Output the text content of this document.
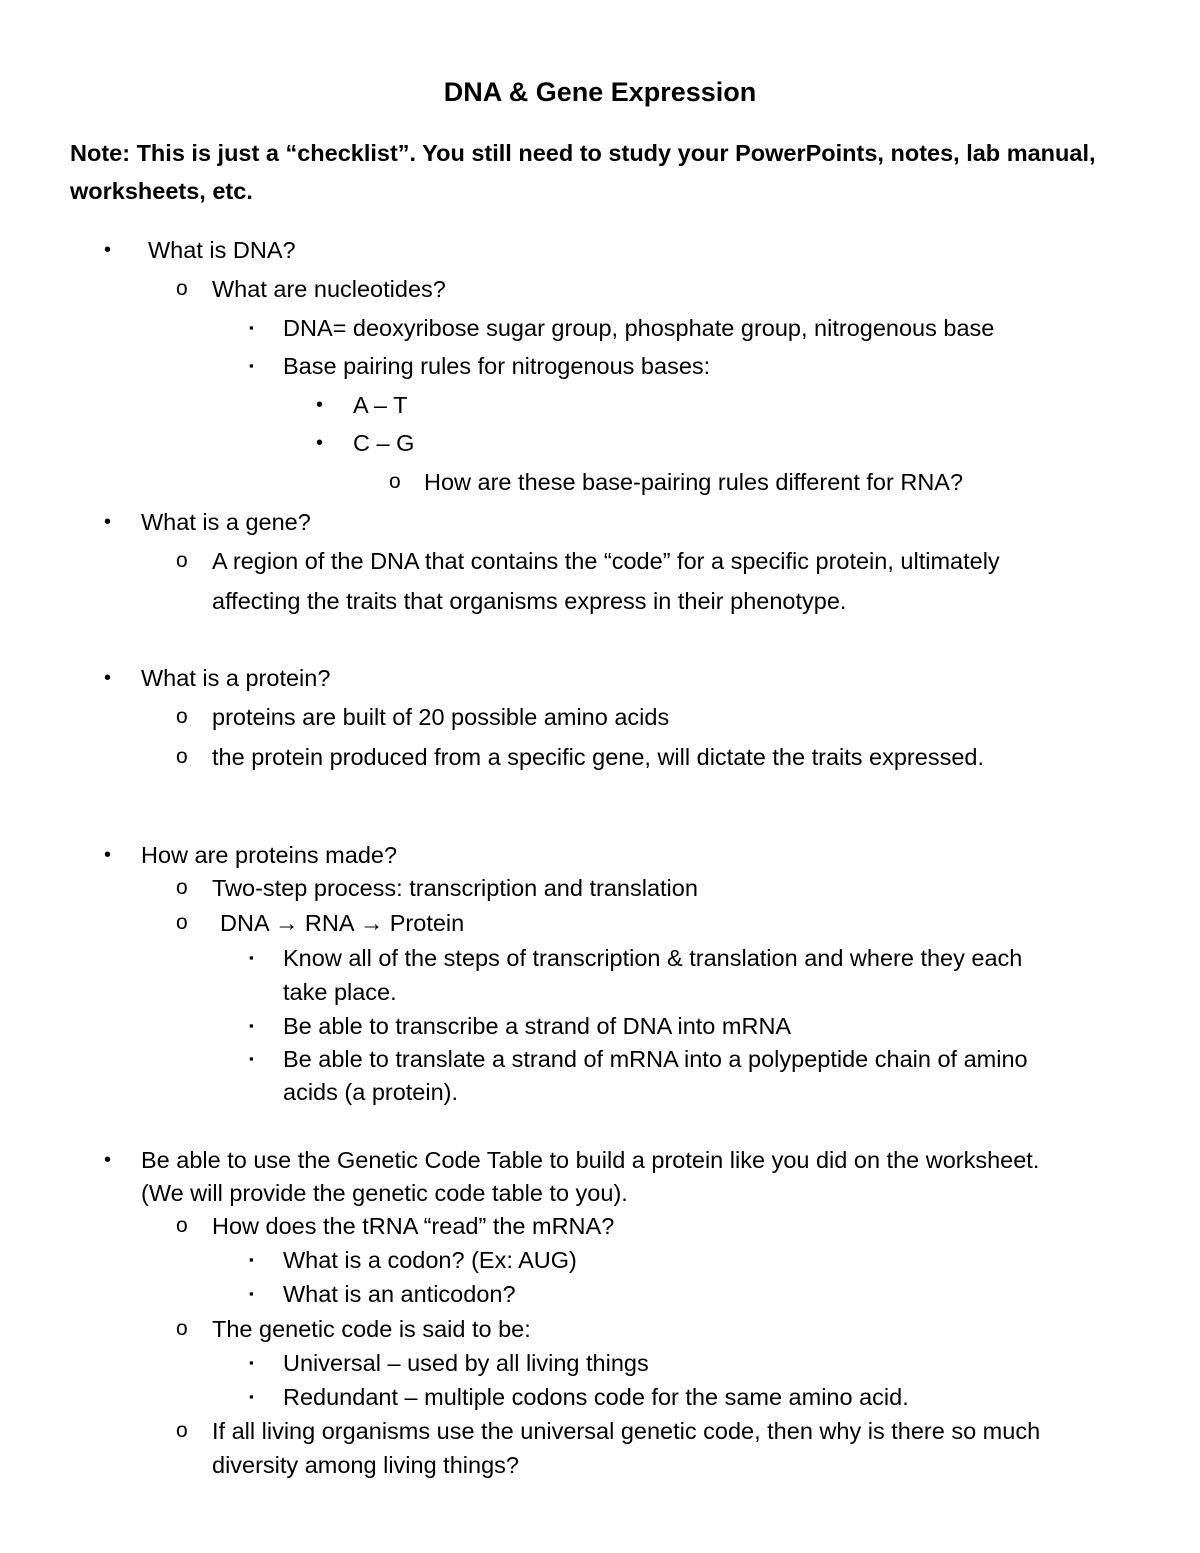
DNA & Gene Expression

Note: This is just a “checklist”. You still need to study your PowerPoints, notes, lab manual,

worksheets, etc.

• What is DNA?

o What are nucleotides?

▪ DNA= deoxyribose sugar group, phosphate group, nitrogenous base

▪ Base pairing rules for nitrogenous bases:

• A – T

• C – G

o How are these base-pairing rules different for RNA?

• What is a gene?

o A region of the DNA that contains the “code” for a specific protein, ultimately

affecting the traits that organisms express in their phenotype.

• What is a protein?

o proteins are built of 20 possible amino acids

o the protein produced from a specific gene, will dictate the traits expressed.

• How are proteins made?

o Two-step process: transcription and translation

o DNA → RNA → Protein

▪ Know all of the steps of transcription & translation and where they each

take place.

▪ Be able to transcribe a strand of DNA into mRNA

▪ Be able to translate a strand of mRNA into a polypeptide chain of amino

acids (a protein).

• Be able to use the Genetic Code Table to build a protein like you did on the worksheet.

(We will provide the genetic code table to you).

o How does the tRNA “read” the mRNA?

▪ What is a codon? (Ex: AUG)

▪ What is an anticodon?

o The genetic code is said to be:

▪ Universal – used by all living things

▪ Redundant – multiple codons code for the same amino acid.

o If all living organisms use the universal genetic code, then why is there so much

diversity among living things?
